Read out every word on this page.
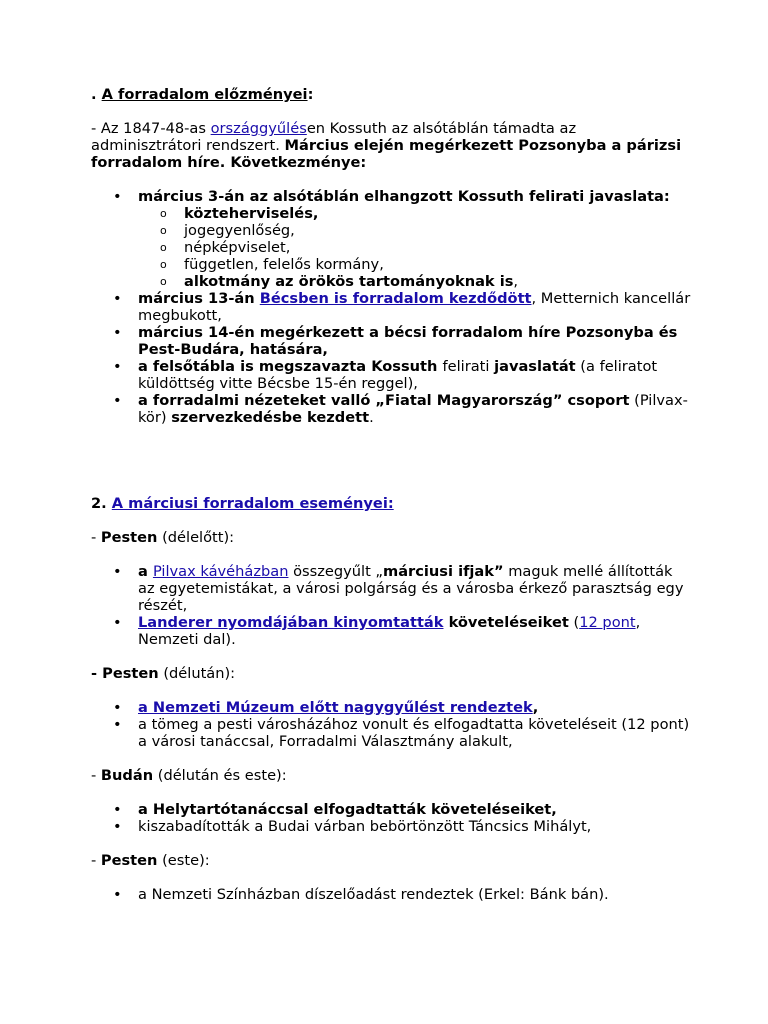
. A forradalom előzményei:

- Az 1847-48-as országgyűlésen Kossuth az alsótáblán támadta az adminisztrátori rendszert. Március elején megérkezett Pozsonyba a párizsi forradalom híre. Következménye:

• március 3-án az alsótáblán elhangzott Kossuth felirati javaslata:
o közteherviselés,
o jogegyenlőség,
o népképviselet,
o független, felelős kormány,
o alkotmány az örökös tartományoknak is,
• március 13-án Bécsben is forradalom kezdődött, Metternich kancellár megbukott,
• március 14-én megérkezett a bécsi forradalom híre Pozsonyba és Pest-Budára, hatására,
• a felsőtábla is megszavazta Kossuth felirati javaslatát (a feliratot küldöttség vitte Bécsbe 15-én reggel),
• a forradalmi nézeteket valló „Fiatal Magyarország” csoport (Pilvax-kör) szervezkedésbe kezdett.

2. A márciusi forradalom eseményei:

- Pesten (délelőtt):

• a Pilvax kávéházban összegyűlt „márciusi ifjak” maguk mellé állították az egyetemistákat, a városi polgárság és a városba érkező parasztság egy részét,
• Landerer nyomdájában kinyomtatták követeléseiket (12 pont, Nemzeti dal).

- Pesten (délután):

• a Nemzeti Múzeum előtt nagygyűlést rendeztek,
• a tömeg a pesti városházához vonult és elfogadtatta követeléseit (12 pont) a városi tanáccsal, Forradalmi Választmány alakult,

- Budán (délután és este):

• a Helytartótanáccsal elfogadtatták követeléseiket,
• kiszabadították a Budai várban bebörtönzött Táncsics Mihályt,

- Pesten (este):

• a Nemzeti Színházban díszelőadást rendeztek (Erkel: Bánk bán).
